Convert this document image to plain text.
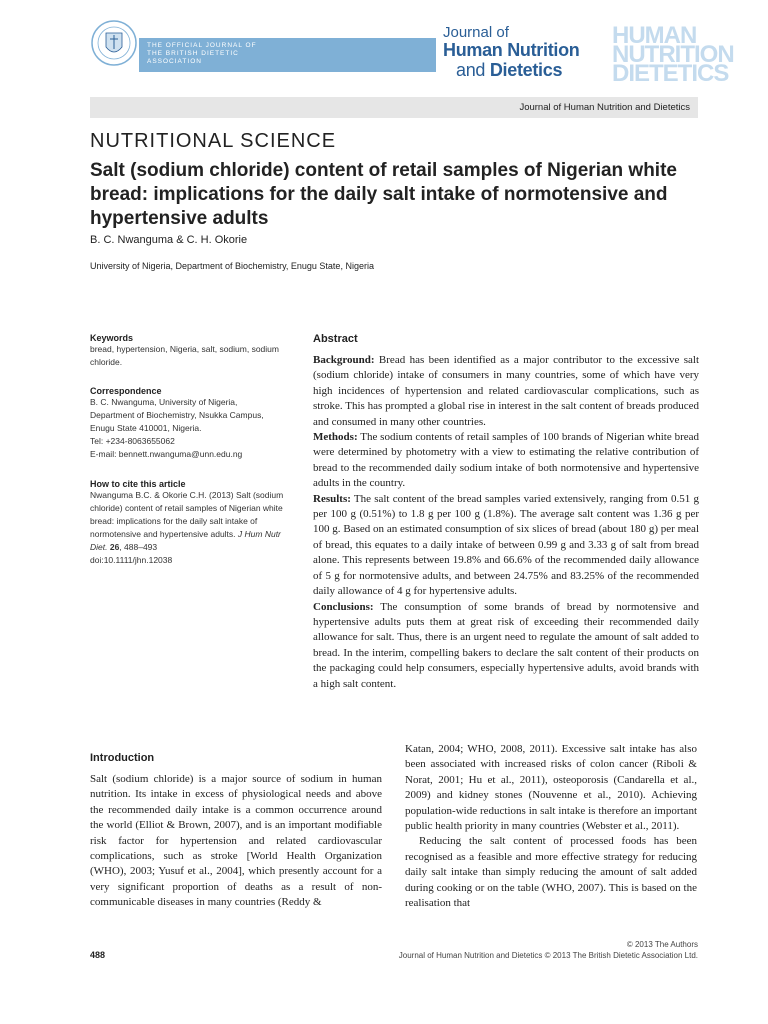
THE OFFICIAL JOURNAL OF
THE BRITISH DIETETIC
ASSOCIATION
HUMAN
NUTRITION
DIETETICS
Journal of
Human Nutrition
and Dietetics
Journal of Human Nutrition and Dietetics
NUTRITIONAL SCIENCE
Salt (sodium chloride) content of retail samples of Nigerian white bread: implications for the daily salt intake of normotensive and hypertensive adults
B. C. Nwanguma & C. H. Okorie
University of Nigeria, Department of Biochemistry, Enugu State, Nigeria
Keywords

bread, hypertension, Nigeria, salt, sodium, sodium chloride.

Correspondence

B. C. Nwanguma, University of Nigeria,

Department of Biochemistry, Nsukka Campus,

Enugu State 410001, Nigeria.

Tel: +234-8063655062

E-mail: bennett.nwanguma@unn.edu.ng

How to cite this article

Nwanguma B.C. & Okorie C.H. (2013) Salt (sodium chloride) content of retail samples of Nigerian white bread: implications for the daily salt intake of normotensive and hypertensive adults. J Hum Nutr Diet. 26, 488–493

doi:10.1111/jhn.12038

Abstract

Background: Bread has been identified as a major contributor to the excessive salt (sodium chloride) intake of consumers in many countries, some of which have very high incidences of hypertension and related cardiovascular complications, such as stroke. This has prompted a global rise in interest in the salt content of breads produced and consumed in many other countries.

Methods: The sodium contents of retail samples of 100 brands of Nigerian white bread were determined by photometry with a view to estimating the relative contribution of bread to the recommended daily sodium intake of both normotensive and hypertensive adults in the country.

Results: The salt content of the bread samples varied extensively, ranging from 0.51 g per 100 g (0.51%) to 1.8 g per 100 g (1.8%). The average salt content was 1.36 g per 100 g. Based on an estimated consumption of six slices of bread (about 180 g) per meal of bread, this equates to a daily intake of between 0.99 g and 3.33 g of salt from bread alone. This represents between 19.8% and 66.6% of the recommended daily allowance of 5 g for normotensive adults, and between 24.75% and 83.25% of the recommended daily allowance of 4 g for hypertensive adults.

Conclusions: The consumption of some brands of bread by normotensive and hypertensive adults puts them at great risk of exceeding their recommended daily allowance for salt. Thus, there is an urgent need to regulate the amount of salt added to bread. In the interim, compelling bakers to declare the salt content of their products on the packaging could help consumers, especially hypertensive adults, avoid brands with a high salt content.

Introduction

Salt (sodium chloride) is a major source of sodium in human nutrition. Its intake in excess of physiological needs and above the recommended daily intake is a common occurrence around the world (Elliot & Brown, 2007), and is an important modifiable risk factor for hypertension and related cardiovascular complications, such as stroke [World Health Organization (WHO), 2003; Yusuf et al., 2004], which presently account for a very significant proportion of deaths as a result of non-communicable diseases in many countries (Reddy &

Katan, 2004; WHO, 2008, 2011). Excessive salt intake has also been associated with increased risks of colon cancer (Riboli & Norat, 2001; Hu et al., 2011), osteoporosis (Candarella et al., 2009) and kidney stones (Nouvenne et al., 2010). Achieving population-wide reductions in salt intake is therefore an important public health priority in many countries (Webster et al., 2011).

Reducing the salt content of processed foods has been recognised as a feasible and more effective strategy for reducing daily salt intake than simply reducing the amount of salt added during cooking or on the table (WHO, 2007). This is based on the realisation that

© 2013 The Authors
488	Journal of Human Nutrition and Dietetics © 2013 The British Dietetic Association Ltd.
